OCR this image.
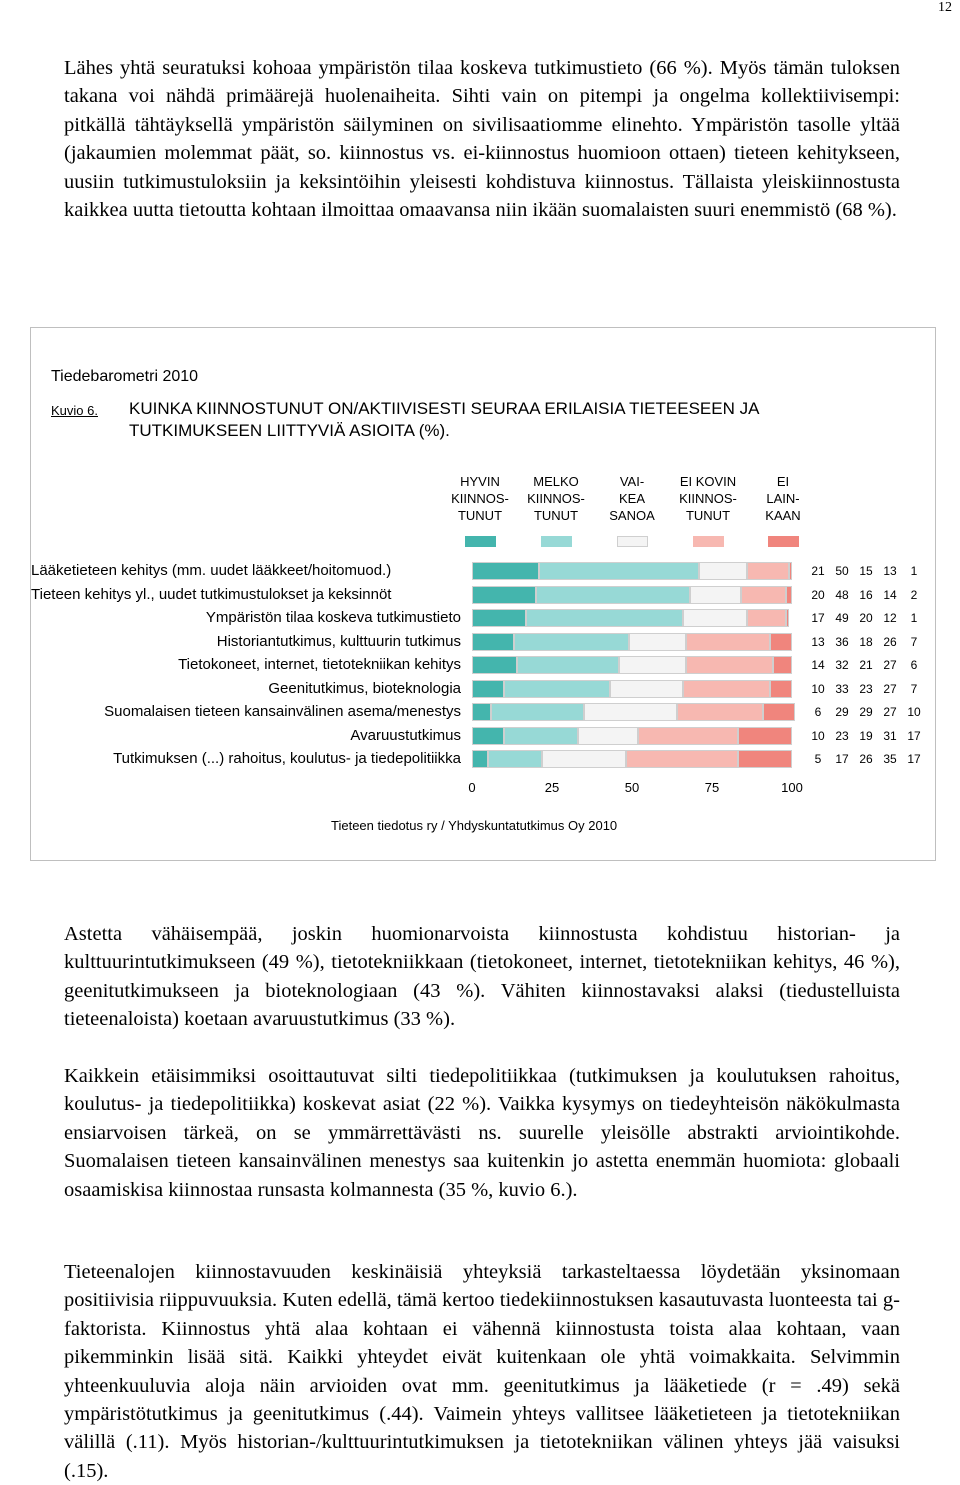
12

Lähes yhtä seuratuksi kohoaa ympäristön tilaa koskeva tutkimustieto (66 %). Myös tämän tuloksen takana voi nähdä primäärejä huolenaiheita. Sihti vain on pitempi ja ongelma kollektiivisempi: pitkällä tähtäyksellä ympäristön säilyminen on sivilisaatiomme elinehto. Ympäristön tasolle yltää (jakaumien molemmat päät, so. kiinnostus vs. ei-kiinnostus huomioon ottaen) tieteen kehitykseen, uusiin tutkimustuloksiin ja keksintöihin yleisesti kohdistuva kiinnostus. Tällaista yleiskiinnostusta kaikkea uutta tietoutta kohtaan ilmoittaa omaavansa niin ikään suomalaisten suuri enemmistö (68 %).

Tiedebarometri 2010
Kuvio 6. KUINKA KIINNOSTUNUT ON/AKTIIVISESTI SEURAA ERILAISIA TIETEESEEN JA
TUTKIMUKSEEN LIITTYVIÄ ASIOITA (%).
HYVIN
KIINNOS-
TUNUT
MELKO
KIINNOS-
TUNUT
VAI-
KEA
SANOA
EI KOVIN
KIINNOS-
TUNUT
EI
LAIN-
KAAN
Lääketieteen kehitys (mm. uudet lääkkeet/hoitomuod.)	21 50 15 13 1
Tieteen kehitys yl., uudet tutkimustulokset ja keksinnöt	20 48 16 14 2
Ympäristön tilaa koskeva tutkimustieto	17 49 20 12 1
Historiantutkimus, kulttuurin tutkimus	13 36 18 26 7
Tietokoneet, internet, tietotekniikan kehitys	14 32 21 27 6
Geenitutkimus, bioteknologia	10 33 23 27 7
Suomalaisen tieteen kansainvälinen asema/menestys	6 29 29 27 10
Avaruustutkimus	10 23 19 31 17
Tutkimuksen (...) rahoitus, koulutus- ja tiedepolitiikka	5 17 26 35 17
0	25	50	75	100
Tieteen tiedotus ry / Yhdyskuntatutkimus Oy 2010

Astetta vähäisempää, joskin huomionarvoista kiinnostusta kohdistuu historian- ja kulttuurintutkimukseen (49 %), tietotekniikkaan (tietokoneet, internet, tietotekniikan kehitys, 46 %), geenitutkimukseen ja bioteknologiaan (43 %). Vähiten kiinnostavaksi alaksi (tiedustelluista tieteenaloista) koetaan avaruustutkimus (33 %).

Kaikkein etäisimmiksi osoittautuvat silti tiedepolitiikkaa (tutkimuksen ja koulutuksen rahoitus, koulutus- ja tiedepolitiikka) koskevat asiat (22 %). Vaikka kysymys on tiedeyhteisön näkökulmasta ensiarvoisen tärkeä, on se ymmärrettävästi ns. suurelle yleisölle abstrakti arviointikohde. Suomalaisen tieteen kansainvälinen menestys saa kuitenkin jo astetta enemmän huomiota: globaali osaamiskisa kiinnostaa runsasta kolmannesta (35 %, kuvio 6.).

Tieteenalojen kiinnostavuuden keskinäisiä yhteyksiä tarkasteltaessa löydetään yksinomaan positiivisia riippuvuuksia. Kuten edellä, tämä kertoo tiedekiinnostuksen kasautuvasta luonteesta tai g-faktorista. Kiinnostus yhtä alaa kohtaan ei vähennä kiinnostusta toista alaa kohtaan, vaan pikemminkin lisää sitä. Kaikki yhteydet eivät kuitenkaan ole yhtä voimakkaita. Selvimmin yhteenkuuluvia aloja näin arvioiden ovat mm. geenitutkimus ja lääketiede (r = .49) sekä ympäristötutkimus ja geenitutkimus (.44). Vaimein yhteys vallitsee lääketieteen ja tietotekniikan välillä (.11). Myös historian-/kulttuurintutkimuksen ja tietotekniikan välinen yhteys jää vaisuksi (.15).
